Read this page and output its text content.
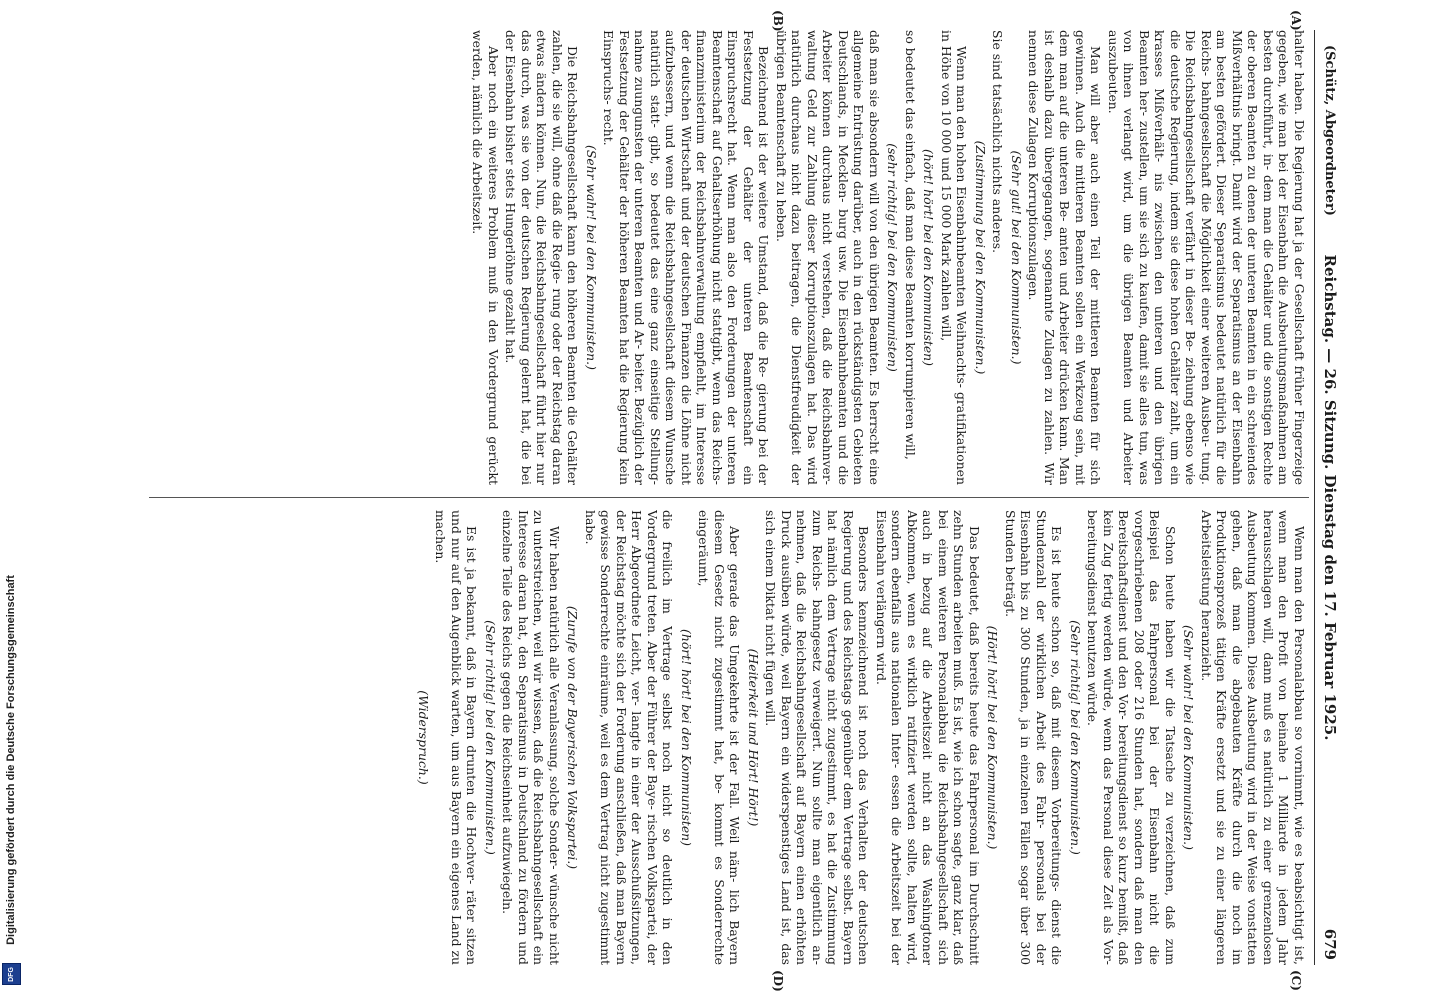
Digitalisierung gefördert durch die Deutsche Forschungsgemeinschaft
DFG
(Schütz, Abgeordneter)
Reichstag. — 26. Sitzung. Dienstag den 17. Februar 1925.
679
(A)
(B)
(C)
(D)

halter haben. Die Regierung hat ja der Gesellschaft früher Fingerzeige gegeben, wie man bei der Eisenbahn die Ausbeutungsmaßnahmen am besten durchführt, in- dem man die Gehälter und die sonstigen Rechte der oberen Beamten zu denen der unteren Beamten in ein schreiendes Mißverhältnis bringt. Damit wird der Separatismus an der Eisenbahn am besten gefördert. Dieser Separatismus bedeutet natürlich für die Reichs- bahngesellschaft die Möglichkeit einer weiteren Ausbeu- tung. Die Reichsbahngesellschaft verfährt in dieser Be- ziehung ebenso wie die deutsche Regierung, indem sie diese hohen Gehälter zahlt, um ein krasses Mißverhält- nis zwischen den unteren und den übrigen Beamten her- zustellen, um sie sich zu kaufen, damit sie alles tun, was von ihnen verlangt wird, um die übrigen Beamten und Arbeiter auszubeuten.

Man will aber auch einen Teil der mittleren Beamten für sich gewinnen. Auch die mittleren Beamten sollen ein Werkzeug sein, mit dem man auf die unteren Be- amten und Arbeiter drücken kann. Man ist deshalb dazu übergegangen, sogenannte Zulagen zu zahlen. Wir nennen diese Zulagen Korruptionszulagen.

(Sehr gut! bei den Kommunisten.)

Sie sind tatsächlich nichts anderes.

(Zustimmung bei den Kommunisten.)

Wenn man den hohen Eisenbahnbeamten Weihnachts- gratifikationen in Höhe von 10 000 und 15 000 Mark zahlen will,

(hört! hört! bei den Kommunisten)

so bedeutet das einfach, daß man diese Beamten korrumpieren will,

(sehr richtig! bei den Kommunisten)

daß man sie absondern will von den übrigen Beamten. Es herrscht eine allgemeine Entrüstung darüber, auch in den rückständigsten Gebieten Deutschlands, in Mecklen- burg usw. Die Eisenbahnbeamten und die Arbeiter können durchaus nicht verstehen, daß die Reichsbahnver- waltung Geld zur Zahlung dieser Korruptionszulagen hat. Das wird natürlich durchaus nicht dazu beitragen, die Dienstfreudigkeit der übrigen Beamtenschaft zu heben.

Bezeichnend ist der weitere Umstand, daß die Re- gierung bei der Festsetzung der Gehälter der unteren Beamtenschaft ein Einspruchsrecht hat. Wenn man also den Forderungen der unteren Beamtenschaft auf Gehaltserhöhung nicht stattgibt, wenn das Reichs- finanzministerium der Reichsbahnverwaltung empfiehlt, im Interesse der deutschen Wirtschaft und der deutschen Finanzen die Löhne nicht aufzubessern, und wenn die Reichsbahngesellschaft diesem Wunsche natürlich statt- gibt, so bedeutet das eine ganz einseitige Stellung- nahme zuungunsten der unteren Beamten und Ar- beiter. Bezüglich der Festsetzung der Gehälter der höheren Beamten hat die Regierung kein Einspruchs- recht.

(Sehr wahr! bei den Kommunisten.)

Die Reichsbahngesellschaft kann den höheren Beamten die Gehälter zahlen, die sie will, ohne daß die Regie- rung oder der Reichstag daran etwas ändern können. Nun, die Reichsbahngesellschaft führt hier nur das durch, was sie von der deutschen Regierung gelernt hat, die bei der Eisenbahn bisher stets Hungerlöhne gezahlt hat.

Aber noch ein weiteres Problem muß in den Vordergrund gerückt werden, nämlich die Arbeitszeit.

Wenn man den Personalabbau so vornimmt, wie es beabsichtigt ist, wenn man den Profit von beinahe 1 Milliarde in jedem Jahr herausschlagen will, dann muß es natürlich zu einer grenzenlosen Ausbeutung kommen. Diese Ausbeutung wird in der Weise vonstatten gehen, daß man die abgebauten Kräfte durch die noch im Produktionsprozeß tätigen Kräfte ersetzt und sie zu einer längeren Arbeitsleistung heranzieht.

(Sehr wahr! bei den Kommunisten.)

Schon heute haben wir die Tatsache zu verzeichnen, daß zum Beispiel das Fahrpersonal bei der Eisenbahn nicht die vorgeschriebenen 208 oder 216 Stunden hat, sondern daß man den Bereitschaftsdienst und den Vor- bereitungsdienst so kurz bemißt, daß kein Zug fertig werden würde, wenn das Personal diese Zeit als Vor- bereitungsdienst benutzen würde.

(Sehr richtig! bei den Kommunisten.)

Es ist heute schon so, daß mit diesem Vorbereitungs- dienst die Stundenzahl der wirklichen Arbeit des Fahr- personals bei der Eisenbahn bis zu 300 Stunden, ja in einzelnen Fällen sogar über 300 Stunden beträgt.

(Hört! hört! bei den Kommunisten.)

Das bedeutet, daß bereits heute das Fahrpersonal im Durchschnitt zehn Stunden arbeiten muß. Es ist, wie ich schon sagte, ganz klar, daß bei einem weiteren Personalabbau die Reichsbahngesellschaft sich auch in bezug auf die Arbeitszeit nicht an das Washingtoner Abkommen, wenn es wirklich ratifiziert werden sollte, halten wird, sondern ebenfalls aus nationalen Inter- essen die Arbeitszeit bei der Eisenbahn verlängern wird.

Besonders kennzeichnend ist noch das Verhalten der deutschen Regierung und des Reichstags gegenüber dem Vertrage selbst. Bayern hat nämlich dem Vertrage nicht zugestimmt, es hat die Zustimmung zum Reichs- bahngesetz verweigert. Nun sollte man eigentlich an- nehmen, daß die Reichsbahngesellschaft auf Bayern einen erhöhten Druck ausüben würde, weil Bayern ein widerspenstiges Land ist, das sich einem Diktat nicht fügen will.

(Heiterkeit und Hört! Hört!)

Aber gerade das Umgekehrte ist der Fall. Weil näm- lich Bayern diesem Gesetz nicht zugestimmt hat, be- kommt es Sonderrechte eingeräumt,

(hört! hört! bei den Kommunisten)

die freilich im Vertrage selbst noch nicht so deutlich in den Vordergrund treten. Aber der Führer der Baye- rischen Volkspartei, der Herr Abgeordnete Leicht, ver- langte in einer der Ausschußsitzungen, der Reichstag möchte sich der Forderung anschließen, daß man Bayern gewisse Sonderrechte einräume, weil es dem Vertrag nicht zugestimmt habe.

(Zurufe von der Bayerischen Volkspartei.)

Wir haben natürlich alle Veranlassung, solche Sonder- wünsche nicht zu unterstreichen, weil wir wissen, daß die Reichsbahngesellschaft ein Interesse daran hat, den Separatismus in Deutschland zu fördern und einzelne Teile des Reichs gegen die Reichseinheit aufzuwiegeln.

(Sehr richtig! bei den Kommunisten.)

Es ist ja bekannt, daß in Bayern drunten die Hochver- räter sitzen und nur auf den Augenblick warten, um aus Bayern ein eigenes Land zu machen.

(Widerspruch.)
